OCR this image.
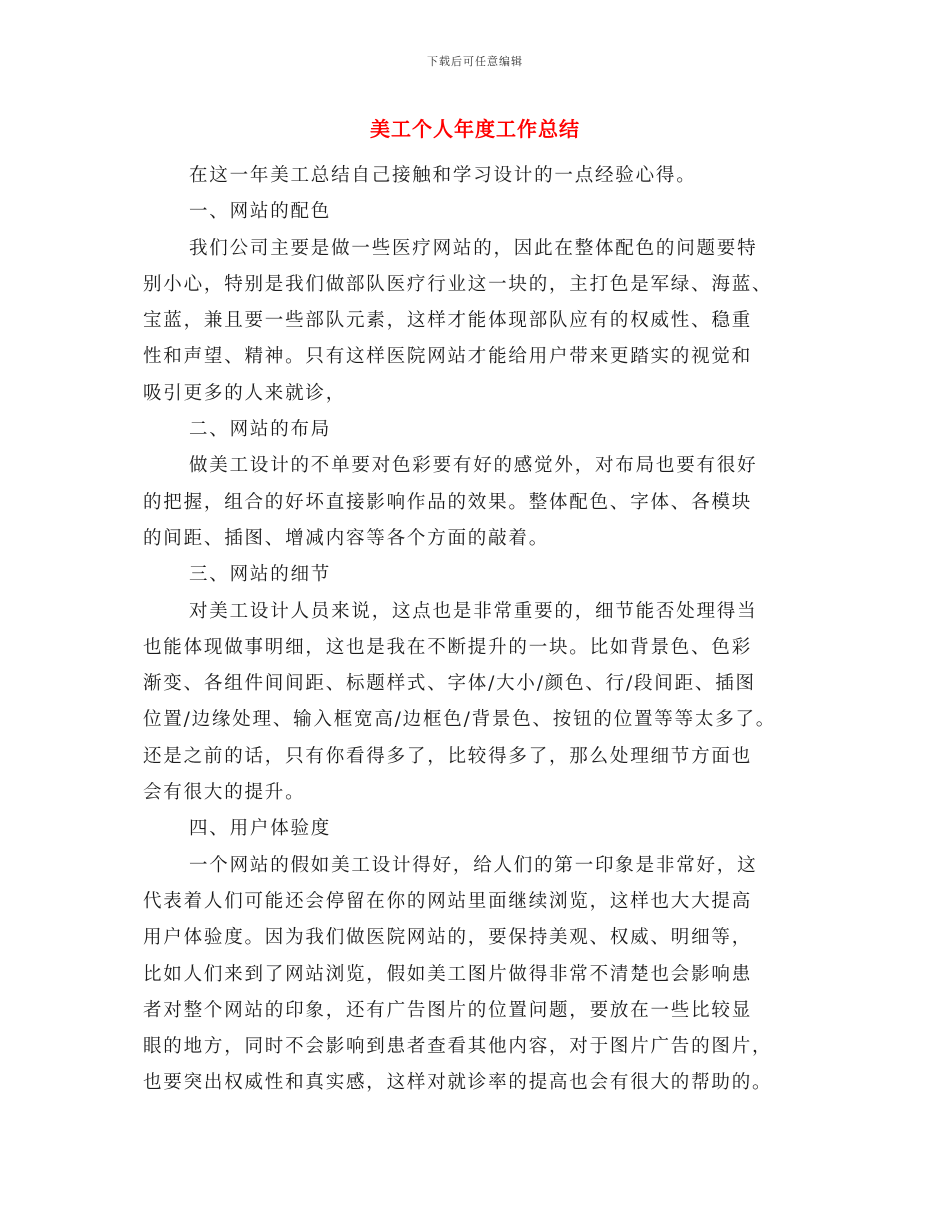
下载后可任意编辑
美工个人年度工作总结
在这一年美工总结自己接触和学习设计的一点经验心得。
一、网站的配色
我们公司主要是做一些医疗网站的，因此在整体配色的问题要特
别小心，特别是我们做部队医疗行业这一块的，主打色是军绿、海蓝、
宝蓝，兼且要一些部队元素，这样才能体现部队应有的权威性、稳重
性和声望、精神。只有这样医院网站才能给用户带来更踏实的视觉和
吸引更多的人来就诊，
二、网站的布局
做美工设计的不单要对色彩要有好的感觉外，对布局也要有很好
的把握，组合的好坏直接影响作品的效果。整体配色、字体、各模块
的间距、插图、增减内容等各个方面的敲着。
三、网站的细节
对美工设计人员来说，这点也是非常重要的，细节能否处理得当
也能体现做事明细，这也是我在不断提升的一块。比如背景色、色彩
渐变、各组件间间距、标题样式、字体/大小/颜色、行/段间距、插图
位置/边缘处理、输入框宽高/边框色/背景色、按钮的位置等等太多了。
还是之前的话，只有你看得多了，比较得多了，那么处理细节方面也
会有很大的提升。
四、用户体验度
一个网站的假如美工设计得好，给人们的第一印象是非常好，这
代表着人们可能还会停留在你的网站里面继续浏览，这样也大大提高
用户体验度。因为我们做医院网站的，要保持美观、权威、明细等，
比如人们来到了网站浏览，假如美工图片做得非常不清楚也会影响患
者对整个网站的印象，还有广告图片的位置问题，要放在一些比较显
眼的地方，同时不会影响到患者查看其他内容，对于图片广告的图片，
也要突出权威性和真实感，这样对就诊率的提高也会有很大的帮助的。
